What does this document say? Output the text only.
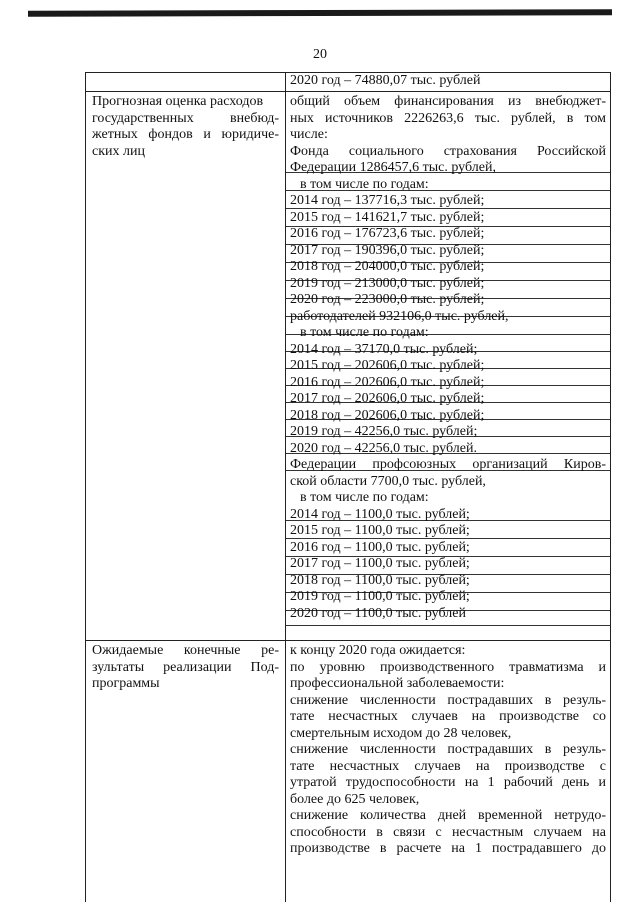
20
2020 год – 74880,07 тыс. рублей
Прогнозная оценка расходов
государственных внебюд-
жетных фондов и юридиче-
ских лиц
общий объем финансирования из внебюджет-
ных источников 2226263,6 тыс. рублей, в том
числе:
Фонда социального страхования Российской
Федерации 1286457,6 тыс. рублей,
в том числе по годам:
2014 год – 137716,3 тыс. рублей;
2015 год – 141621,7 тыс. рублей;
2016 год – 176723,6 тыс. рублей;
2017 год – 190396,0 тыс. рублей;
2018 год – 204000,0 тыс. рублей;
2019 год – 213000,0 тыс. рублей;
2020 год – 223000,0 тыс. рублей;
работодателей 932106,0 тыс. рублей,
в том числе по годам:
2014 год – 37170,0 тыс. рублей;
2015 год – 202606,0 тыс. рублей;
2016 год – 202606,0 тыс. рублей;
2017 год – 202606,0 тыс. рублей;
2018 год – 202606,0 тыс. рублей;
2019 год – 42256,0 тыс. рублей;
2020 год – 42256,0 тыс. рублей.
Федерации профсоюзных организаций Киров-
ской области 7700,0 тыс. рублей,
в том числе по годам:
2014 год – 1100,0 тыс. рублей;
2015 год – 1100,0 тыс. рублей;
2016 год – 1100,0 тыс. рублей;
2017 год – 1100,0 тыс. рублей;
2018 год – 1100,0 тыс. рублей;
2019 год – 1100,0 тыс. рублей;
2020 год – 1100,0 тыс. рублей
Ожидаемые конечные ре-
зультаты реализации Под-
программы
к концу 2020 года ожидается:
по уровню производственного травматизма и
профессиональной заболеваемости:
снижение численности пострадавших в резуль-
тате несчастных случаев на производстве со
смертельным исходом до 28 человек,
снижение численности пострадавших в резуль-
тате несчастных случаев на производстве с
утратой трудоспособности на 1 рабочий день и
более до 625 человек,
снижение количества дней временной нетрудо-
способности в связи с несчастным случаем на
производстве в расчете на 1 пострадавшего до
